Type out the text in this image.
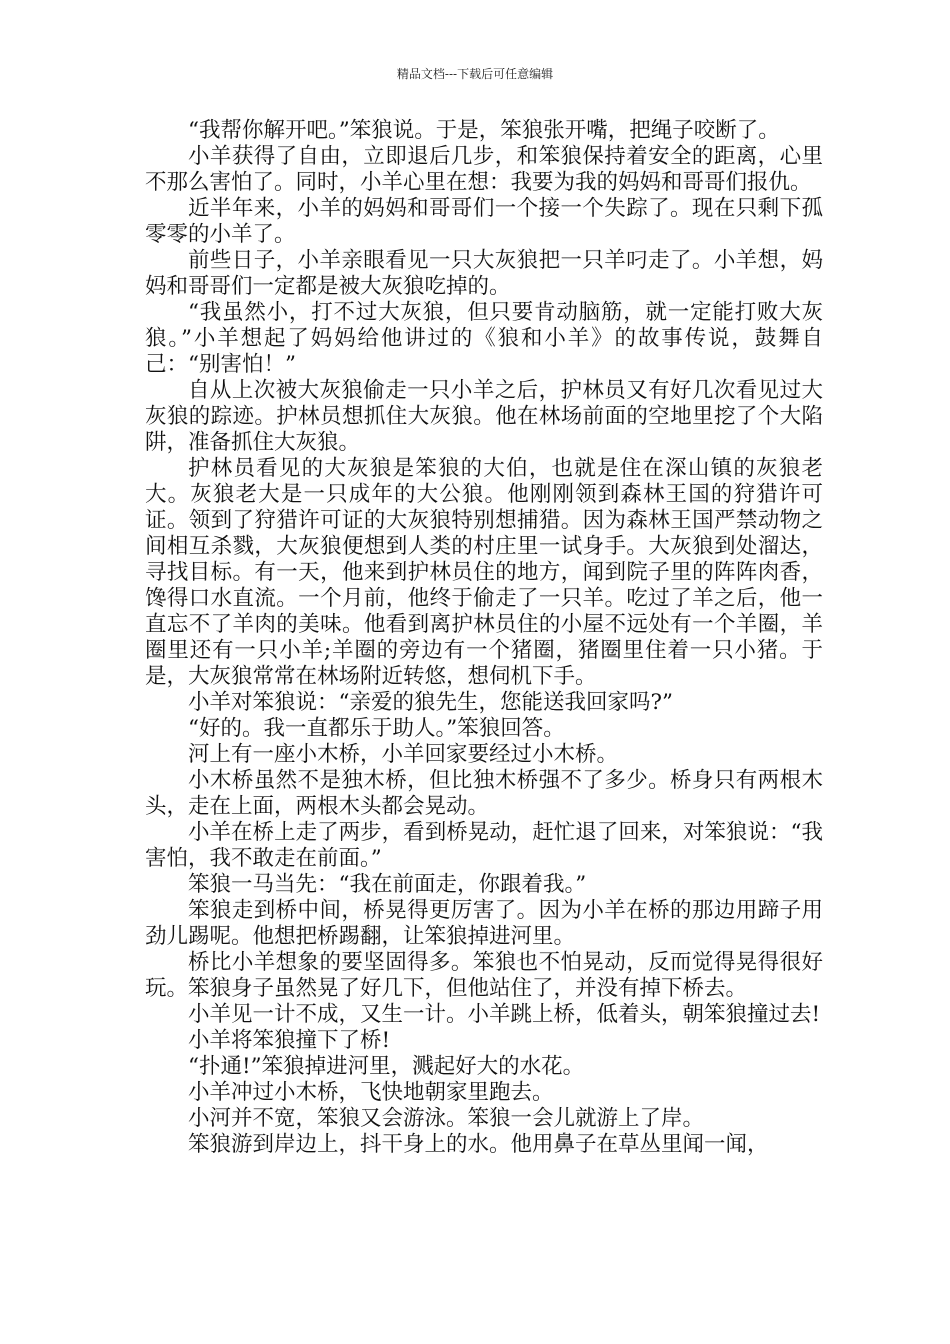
精品文档---下载后可任意编辑

“我帮你解开吧。”笨狼说。于是，笨狼张开嘴，把绳子咬断了。

小羊获得了自由，立即退后几步，和笨狼保持着安全的距离，心里不那么害怕了。同时，小羊心里在想：我要为我的妈妈和哥哥们报仇。

近半年来，小羊的妈妈和哥哥们一个接一个失踪了。现在只剩下孤零零的小羊了。

前些日子，小羊亲眼看见一只大灰狼把一只羊叼走了。小羊想，妈妈和哥哥们一定都是被大灰狼吃掉的。

“我虽然小，打不过大灰狼，但只要肯动脑筋，就一定能打败大灰狼。”小羊想起了妈妈给他讲过的《狼和小羊》的故事传说，鼓舞自己：“别害怕！”

自从上次被大灰狼偷走一只小羊之后，护林员又有好几次看见过大灰狼的踪迹。护林员想抓住大灰狼。他在林场前面的空地里挖了个大陷阱，准备抓住大灰狼。

护林员看见的大灰狼是笨狼的大伯，也就是住在深山镇的灰狼老大。灰狼老大是一只成年的大公狼。他刚刚领到森林王国的狩猎许可证。领到了狩猎许可证的大灰狼特别想捕猎。因为森林王国严禁动物之间相互杀戮，大灰狼便想到人类的村庄里一试身手。大灰狼到处溜达，寻找目标。有一天，他来到护林员住的地方，闻到院子里的阵阵肉香，馋得口水直流。一个月前，他终于偷走了一只羊。吃过了羊之后，他一直忘不了羊肉的美味。他看到离护林员住的小屋不远处有一个羊圈，羊圈里还有一只小羊;羊圈的旁边有一个猪圈，猪圈里住着一只小猪。于是，大灰狼常常在林场附近转悠，想伺机下手。

小羊对笨狼说：“亲爱的狼先生，您能送我回家吗?”

“好的。我一直都乐于助人。”笨狼回答。

河上有一座小木桥，小羊回家要经过小木桥。

小木桥虽然不是独木桥，但比独木桥强不了多少。桥身只有两根木头，走在上面，两根木头都会晃动。

小羊在桥上走了两步，看到桥晃动，赶忙退了回来，对笨狼说：“我害怕，我不敢走在前面。”

笨狼一马当先：“我在前面走，你跟着我。”

笨狼走到桥中间，桥晃得更厉害了。因为小羊在桥的那边用蹄子用劲儿踢呢。他想把桥踢翻，让笨狼掉进河里。

桥比小羊想象的要坚固得多。笨狼也不怕晃动，反而觉得晃得很好玩。笨狼身子虽然晃了好几下，但他站住了，并没有掉下桥去。

小羊见一计不成，又生一计。小羊跳上桥，低着头，朝笨狼撞过去!

小羊将笨狼撞下了桥!

“扑通!”笨狼掉进河里，溅起好大的水花。

小羊冲过小木桥，飞快地朝家里跑去。

小河并不宽，笨狼又会游泳。笨狼一会儿就游上了岸。

笨狼游到岸边上，抖干身上的水。他用鼻子在草丛里闻一闻，
